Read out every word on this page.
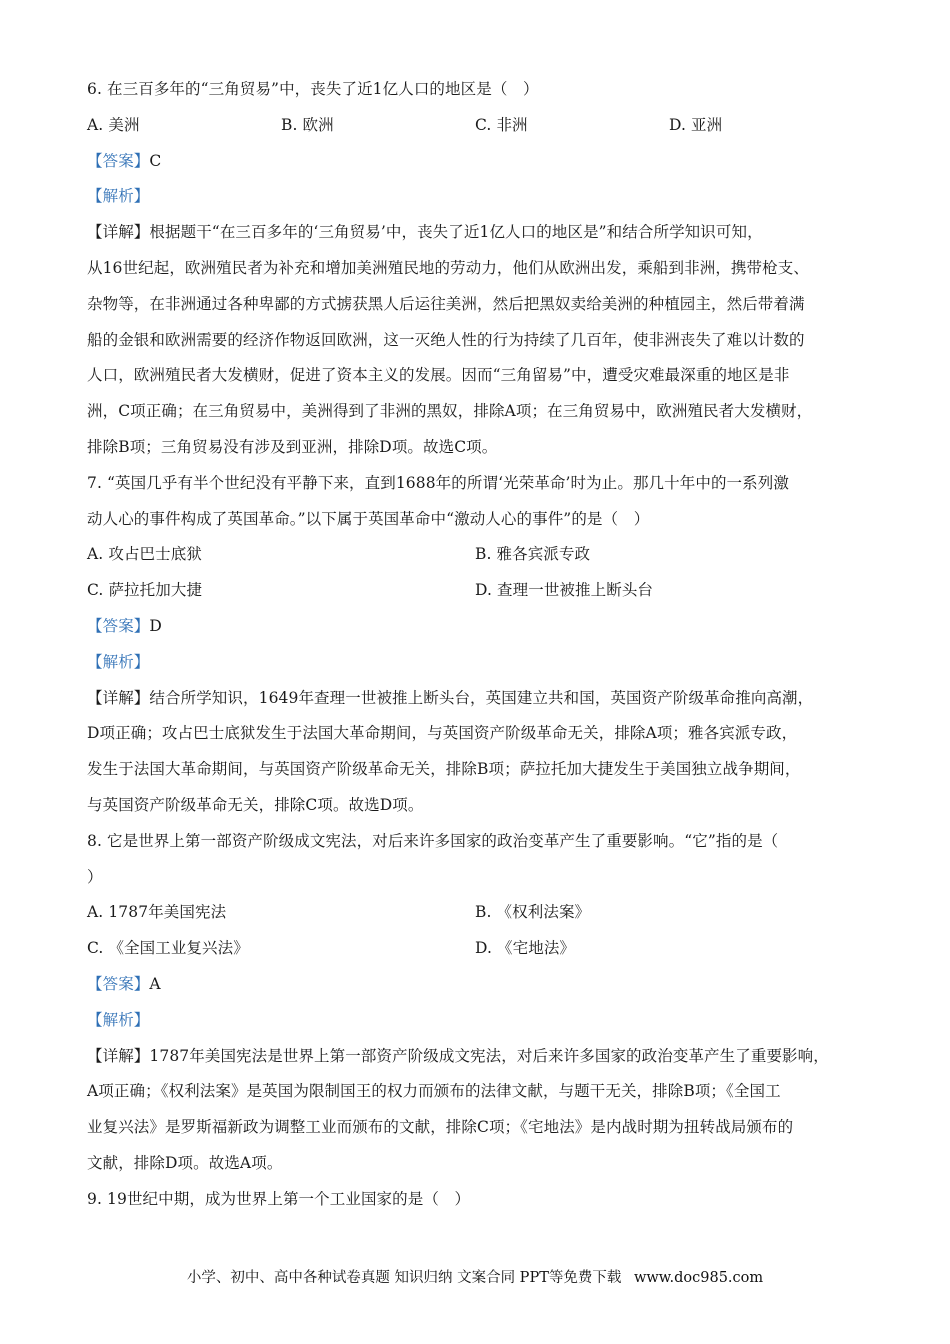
6. 在三百多年的“三角贸易”中，丧失了近1亿人口的地区是（　）
A. 美洲	B. 欧洲	C. 非洲	D. 亚洲
【答案】C
【解析】
【详解】根据题干“在三百多年的‘三角贸易’中，丧失了近1亿人口的地区是”和结合所学知识可知，
从16世纪起，欧洲殖民者为补充和增加美洲殖民地的劳动力，他们从欧洲出发，乘船到非洲，携带枪支、
杂物等，在非洲通过各种卑鄙的方式掳获黑人后运往美洲，然后把黑奴卖给美洲的种植园主，然后带着满
船的金银和欧洲需要的经济作物返回欧洲，这一灭绝人性的行为持续了几百年，使非洲丧失了难以计数的
人口，欧洲殖民者大发横财，促进了资本主义的发展。因而“三角留易”中，遭受灾难最深重的地区是非
洲，C项正确；在三角贸易中，美洲得到了非洲的黑奴，排除A项；在三角贸易中，欧洲殖民者大发横财，
排除B项；三角贸易没有涉及到亚洲，排除D项。故选C项。
7. “英国几乎有半个世纪没有平静下来，直到1688年的所谓‘光荣革命’时为止。那几十年中的一系列激
动人心的事件构成了英国革命。”以下属于英国革命中“激动人心的事件”的是（　）
A. 攻占巴士底狱	B. 雅各宾派专政
C. 萨拉托加大捷	D. 查理一世被推上断头台
【答案】D
【解析】
【详解】结合所学知识，1649年查理一世被推上断头台，英国建立共和国，英国资产阶级革命推向高潮，
D项正确；攻占巴士底狱发生于法国大革命期间，与英国资产阶级革命无关，排除A项；雅各宾派专政，
发生于法国大革命期间，与英国资产阶级革命无关，排除B项；萨拉托加大捷发生于美国独立战争期间，
与英国资产阶级革命无关，排除C项。故选D项。
8. 它是世界上第一部资产阶级成文宪法，对后来许多国家的政治变革产生了重要影响。“它”指的是（
）
A. 1787年美国宪法	B. 《权利法案》
C. 《全国工业复兴法》	D. 《宅地法》
【答案】A
【解析】
【详解】1787年美国宪法是世界上第一部资产阶级成文宪法，对后来许多国家的政治变革产生了重要影响，
A项正确；《权利法案》是英国为限制国王的权力而颁布的法律文献，与题干无关，排除B项；《全国工
业复兴法》是罗斯福新政为调整工业而颁布的文献，排除C项；《宅地法》是内战时期为扭转战局颁布的
文献，排除D项。故选A项。
9. 19世纪中期，成为世界上第一个工业国家的是（　）
小学、初中、高中各种试卷真题 知识归纳 文案合同 PPT等免费下载 www.doc985.com
